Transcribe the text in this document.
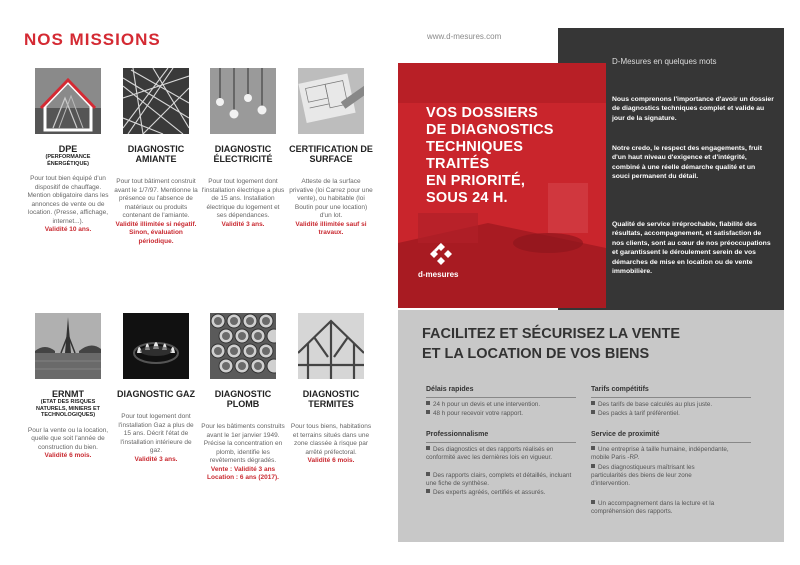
NOS MISSIONS
DPE
(PERFORMANCE ÉNERGÉTIQUE)
Pour tout bien équipé d'un dispositif de chauffage. Mention obligatoire dans les annonces de vente ou de location. (Presse, affichage, internet...).
Validité 10 ans.
DIAGNOSTIC AMIANTE
Pour tout bâtiment construit avant le 1/7/97. Mentionne la présence ou l'absence de matériaux ou produits contenant de l'amiante.
Validité illimitée si négatif. Sinon, évaluation périodique.
DIAGNOSTIC ÉLECTRICITÉ
Pour tout logement dont l'installation électrique a plus de 15 ans. Installation électrique du logement et ses dépendances.
Validité 3 ans.
CERTIFICATION DE SURFACE
Atteste de la surface privative (loi Carrez pour une vente), ou habitable (loi Boutin pour une location) d'un lot.
Validité illimitée sauf si travaux.
ERNMT
(ETAT DES RISQUES NATURELS, MINIERS ET TECHNOLOGIQUES)
Pour la vente ou la location, quelle que soit l'année de construction du bien.
Validité 6 mois.
DIAGNOSTIC GAZ
Pour tout logement dont l'installation Gaz a plus de 15 ans. Décrit l'état de l'installation intérieure de gaz.
Validité 3 ans.
DIAGNOSTIC PLOMB
Pour les bâtiments construits avant le 1er janvier 1949. Précise la concentration en plomb, identifie les revêtements dégradés.
Vente : Validité 3 ans Location : 6 ans (2017).
DIAGNOSTIC TERMITES
Pour tous biens, habitations et terrains situés dans une zone classée à risque par arrêté préfectoral.
Validité 6 mois.
www.d-mesures.com
VOS DOSSIERS
DE DIAGNOSTICS
TECHNIQUES
TRAITÉS
EN PRIORITÉ,
SOUS 24 H.
d-mesures
D-Mesures en quelques mots
Nous comprenons l'importance d'avoir un dossier de diagnostics techniques complet et valide au jour de la signature.
Notre credo, le respect des engagements, fruit d'un haut niveau d'exigence et d'intégrité, combiné à une réelle démarche qualité et un souci permanent du détail.
Qualité de service irréprochable, fiabilité des résultats, accompagnement, et satisfaction de nos clients, sont au cœur de nos préoccupations et garantissent le déroulement serein de vos démarches de mise en location ou de vente immobilière.
FACILITEZ ET SÉCURISEZ LA VENTE
ET LA LOCATION DE VOS BIENS
Délais rapides
24 h pour un devis et une intervention.
48 h pour recevoir votre rapport.
Tarifs compétitifs
Des tarifs de base calculés au plus juste.
Des packs à tarif préférentiel.
Professionnalisme
Des diagnostics et des rapports réalisés en conformité avec les dernières lois en vigueur.
Des rapports clairs, complets et détaillés, incluant une fiche de synthèse.
Des experts agréés, certifiés et assurés.
Service de proximité
Une entreprise à taille humaine, indépendante, mobile Paris -RP.
Des diagnostiqueurs maîtrisant les particularités des biens de leur zone d'intervention.
Un accompagnement dans la lecture et la compréhension des rapports.
